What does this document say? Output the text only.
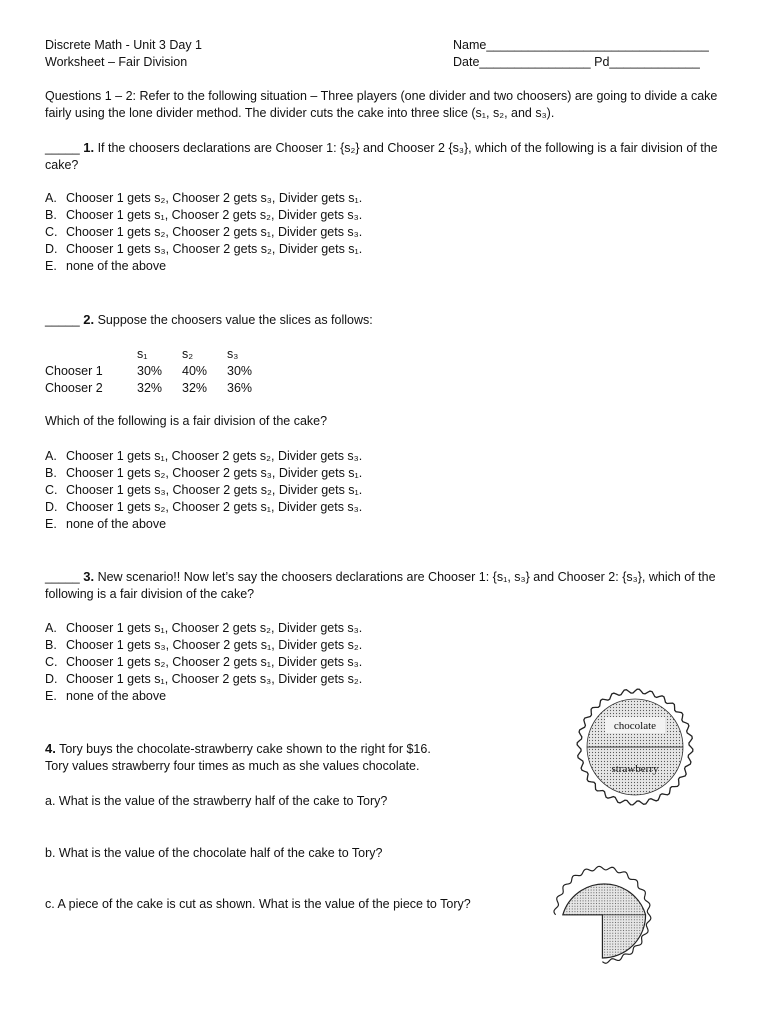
Discrete Math - Unit 3 Day 1
Worksheet – Fair Division
Name________________________________
Date________________ Pd_____________
Questions 1 – 2: Refer to the following situation – Three players (one divider and two choosers) are going to divide a cake fairly using the lone divider method. The divider cuts the cake into three slice (s₁, s₂, and s₃).
_____ 1. If the choosers declarations are Chooser 1: {s₂} and Chooser 2 {s₃}, which of the following is a fair division of the cake?
A. Chooser 1 gets s₂, Chooser 2 gets s₃, Divider gets s₁.
B. Chooser 1 gets s₁, Chooser 2 gets s₂, Divider gets s₃.
C. Chooser 1 gets s₂, Chooser 2 gets s₁, Divider gets s₃.
D. Chooser 1 gets s₃, Chooser 2 gets s₂, Divider gets s₁.
E. none of the above
_____ 2. Suppose the choosers value the slices as follows:
	s₁	s₂	s₃
Chooser 1	30%	40%	30%
Chooser 2	32%	32%	36%
Which of the following is a fair division of the cake?
A. Chooser 1 gets s₁, Chooser 2 gets s₂, Divider gets s₃.
B. Chooser 1 gets s₂, Chooser 2 gets s₃, Divider gets s₁.
C. Chooser 1 gets s₃, Chooser 2 gets s₂, Divider gets s₁.
D. Chooser 1 gets s₂, Chooser 2 gets s₁, Divider gets s₃.
E. none of the above
_____ 3. New scenario!! Now let’s say the choosers declarations are Chooser 1: {s₁, s₃} and Chooser 2: {s₃}, which of the following is a fair division of the cake?
A. Chooser 1 gets s₁, Chooser 2 gets s₂, Divider gets s₃.
B. Chooser 1 gets s₃, Chooser 2 gets s₁, Divider gets s₂.
C. Chooser 1 gets s₂, Chooser 2 gets s₁, Divider gets s₃.
D. Chooser 1 gets s₁, Chooser 2 gets s₃, Divider gets s₂.
E. none of the above
4. Tory buys the chocolate-strawberry cake shown to the right for $16.
Tory values strawberry four times as much as she values chocolate.
a. What is the value of the strawberry half of the cake to Tory?
b. What is the value of the chocolate half of the cake to Tory?
c. A piece of the cake is cut as shown. What is the value of the piece to Tory?
chocolate
strawberry
